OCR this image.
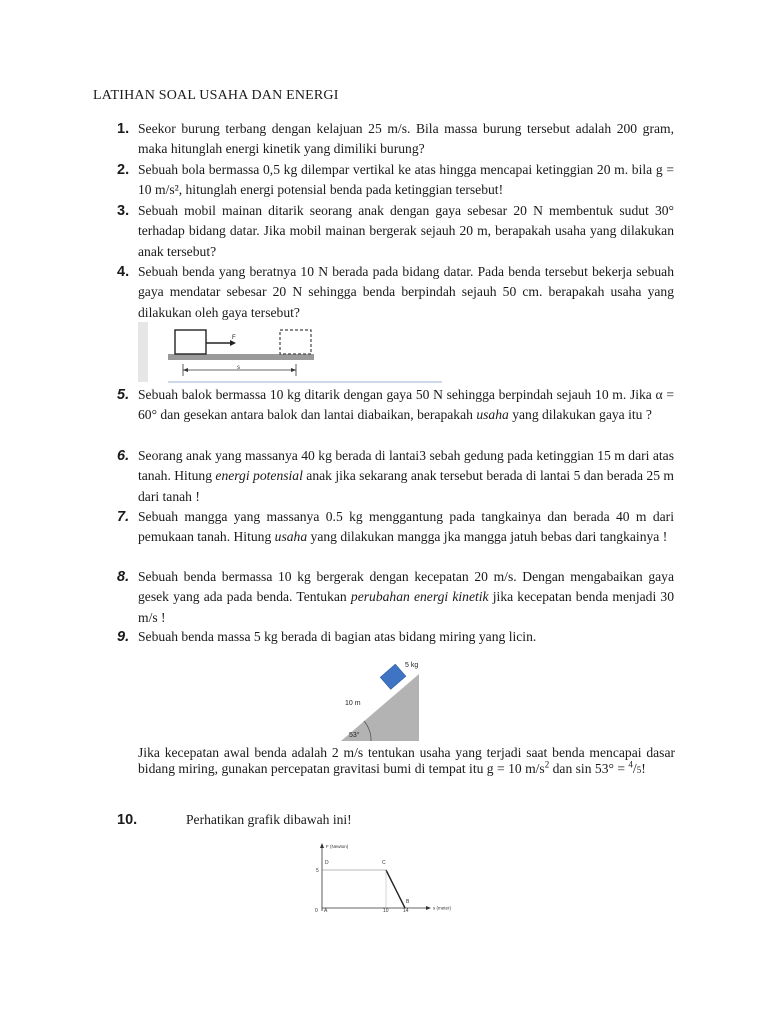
LATIHAN SOAL USAHA DAN ENERGI
1. Seekor burung terbang dengan kelajuan 25 m/s. Bila massa burung tersebut adalah 200 gram, maka hitunglah energi kinetik yang dimiliki burung?
2. Sebuah bola bermassa 0,5 kg dilempar vertikal ke atas hingga mencapai ketinggian 20 m. bila g = 10 m/s², hitunglah energi potensial benda pada ketinggian tersebut!
3. Sebuah mobil mainan ditarik seorang anak dengan gaya sebesar 20 N membentuk sudut 30° terhadap bidang datar. Jika mobil mainan bergerak sejauh 20 m, berapakah usaha yang dilakukan anak tersebut?
4. Sebuah benda yang beratnya 10 N berada pada bidang datar. Pada benda tersebut bekerja sebuah gaya mendatar sebesar 20 N sehingga benda berpindah sejauh 50 cm. berapakah usaha yang dilakukan oleh gaya tersebut?
F
s
5. Sebuah balok bermassa 10 kg ditarik dengan gaya 50 N sehingga berpindah sejauh 10 m. Jika α = 60° dan gesekan antara balok dan lantai diabaikan, berapakah usaha yang dilakukan gaya itu ?
6. Seorang anak yang massanya 40 kg berada di lantai3 sebah gedung pada ketinggian 15 m dari atas tanah. Hitung energi potensial anak jika sekarang anak tersebut berada di lantai 5 dan berada 25 m dari tanah !
7. Sebuah mangga yang massanya 0.5 kg menggantung pada tangkainya dan berada 40 m dari pemukaan tanah. Hitung usaha yang dilakukan mangga jka mangga jatuh bebas dari tangkainya !
8. Sebuah benda bermassa 10 kg bergerak dengan kecepatan 20 m/s. Dengan mengabaikan gaya gesek yang ada pada benda. Tentukan perubahan energi kinetik jika kecepatan benda menjadi 30 m/s !
9. Sebuah benda massa 5 kg berada di bagian atas bidang miring yang licin.
5 kg
10 m
53°
Jika kecepatan awal benda adalah 2 m/s tentukan usaha yang terjadi saat benda mencapai dasar bidang miring, gunakan percepatan gravitasi bumi di tempat itu g = 10 $m/s^2$ dan sin 53° = $^4$/5!
10.	Perhatikan grafik dibawah ini!
F (Newton)
s (meter)
5
0 A
D	C
B
10	14
